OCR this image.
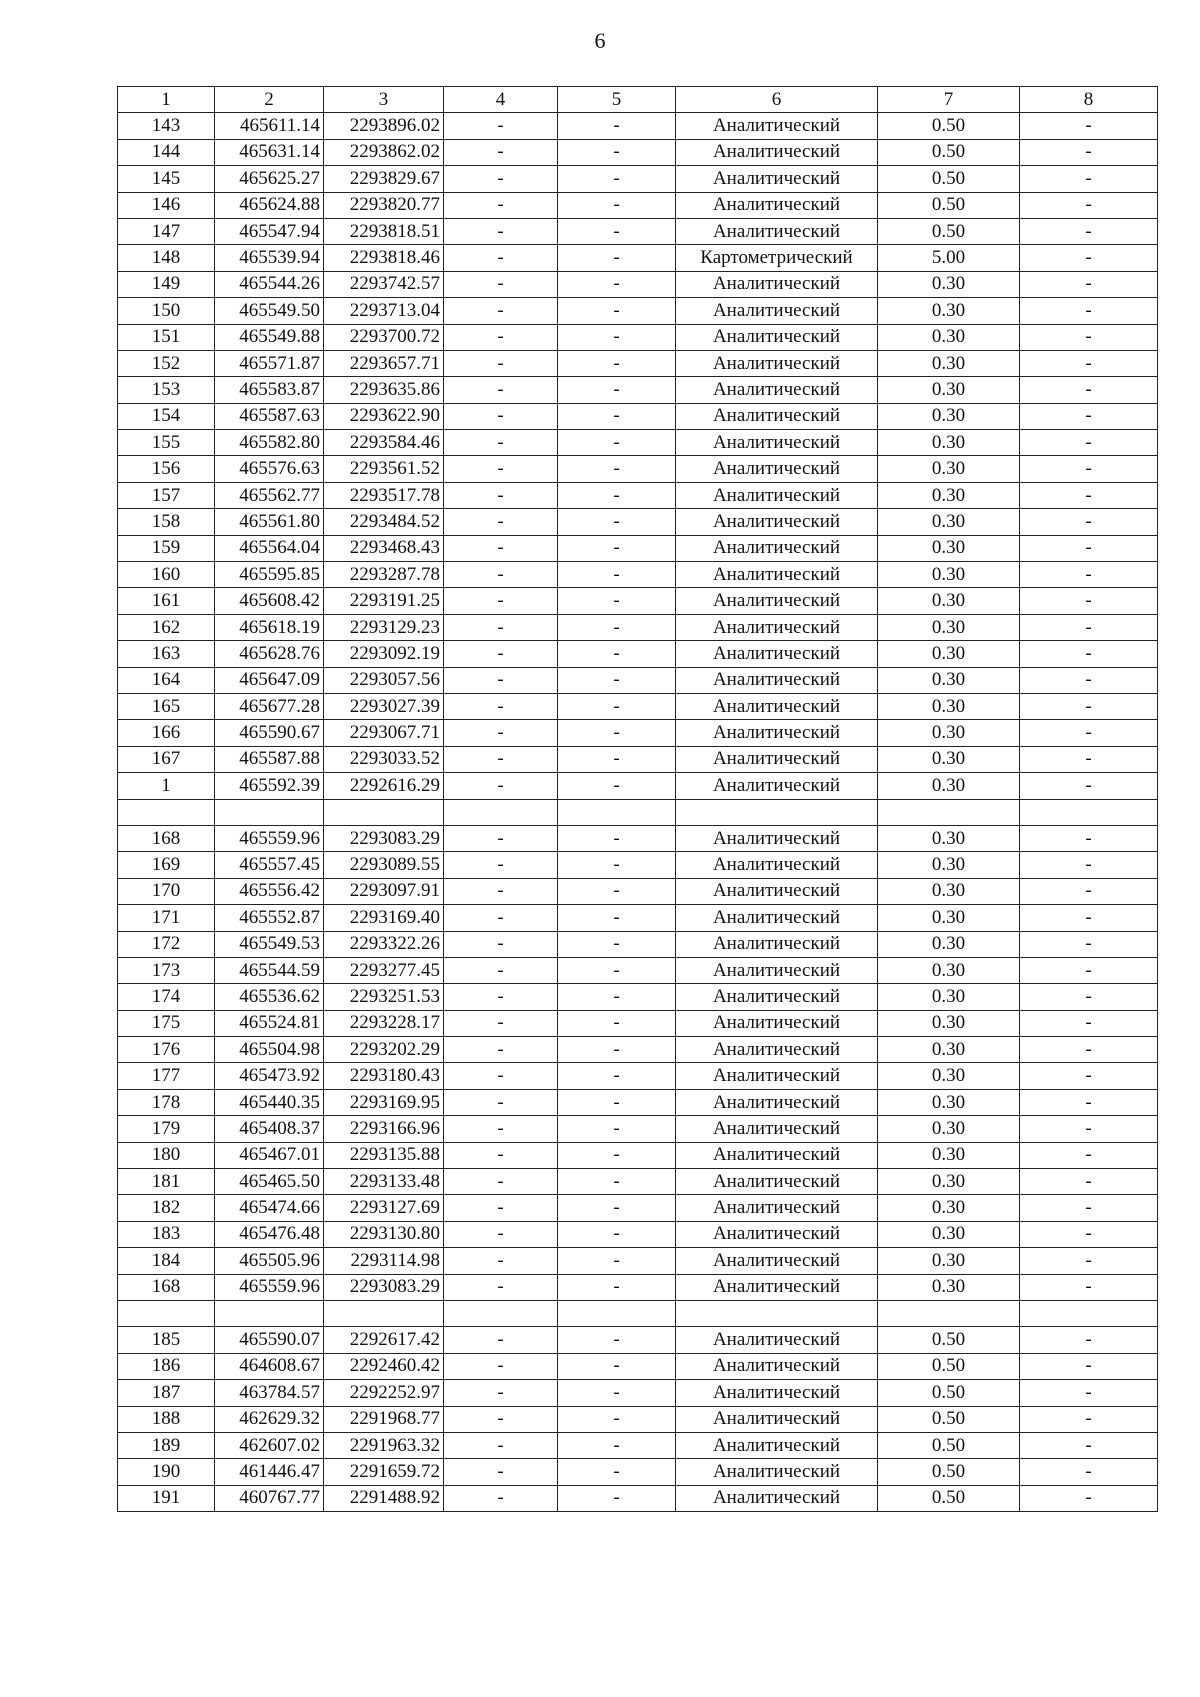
6
1	2	3	4	5	6	7	8
143	465611.14	2293896.02	-	-	Аналитический	0.50	-
144	465631.14	2293862.02	-	-	Аналитический	0.50	-
145	465625.27	2293829.67	-	-	Аналитический	0.50	-
146	465624.88	2293820.77	-	-	Аналитический	0.50	-
147	465547.94	2293818.51	-	-	Аналитический	0.50	-
148	465539.94	2293818.46	-	-	Картометрический	5.00	-
149	465544.26	2293742.57	-	-	Аналитический	0.30	-
150	465549.50	2293713.04	-	-	Аналитический	0.30	-
151	465549.88	2293700.72	-	-	Аналитический	0.30	-
152	465571.87	2293657.71	-	-	Аналитический	0.30	-
153	465583.87	2293635.86	-	-	Аналитический	0.30	-
154	465587.63	2293622.90	-	-	Аналитический	0.30	-
155	465582.80	2293584.46	-	-	Аналитический	0.30	-
156	465576.63	2293561.52	-	-	Аналитический	0.30	-
157	465562.77	2293517.78	-	-	Аналитический	0.30	-
158	465561.80	2293484.52	-	-	Аналитический	0.30	-
159	465564.04	2293468.43	-	-	Аналитический	0.30	-
160	465595.85	2293287.78	-	-	Аналитический	0.30	-
161	465608.42	2293191.25	-	-	Аналитический	0.30	-
162	465618.19	2293129.23	-	-	Аналитический	0.30	-
163	465628.76	2293092.19	-	-	Аналитический	0.30	-
164	465647.09	2293057.56	-	-	Аналитический	0.30	-
165	465677.28	2293027.39	-	-	Аналитический	0.30	-
166	465590.67	2293067.71	-	-	Аналитический	0.30	-
167	465587.88	2293033.52	-	-	Аналитический	0.30	-
1	465592.39	2292616.29	-	-	Аналитический	0.30	-

168	465559.96	2293083.29	-	-	Аналитический	0.30	-
169	465557.45	2293089.55	-	-	Аналитический	0.30	-
170	465556.42	2293097.91	-	-	Аналитический	0.30	-
171	465552.87	2293169.40	-	-	Аналитический	0.30	-
172	465549.53	2293322.26	-	-	Аналитический	0.30	-
173	465544.59	2293277.45	-	-	Аналитический	0.30	-
174	465536.62	2293251.53	-	-	Аналитический	0.30	-
175	465524.81	2293228.17	-	-	Аналитический	0.30	-
176	465504.98	2293202.29	-	-	Аналитический	0.30	-
177	465473.92	2293180.43	-	-	Аналитический	0.30	-
178	465440.35	2293169.95	-	-	Аналитический	0.30	-
179	465408.37	2293166.96	-	-	Аналитический	0.30	-
180	465467.01	2293135.88	-	-	Аналитический	0.30	-
181	465465.50	2293133.48	-	-	Аналитический	0.30	-
182	465474.66	2293127.69	-	-	Аналитический	0.30	-
183	465476.48	2293130.80	-	-	Аналитический	0.30	-
184	465505.96	2293114.98	-	-	Аналитический	0.30	-
168	465559.96	2293083.29	-	-	Аналитический	0.30	-

185	465590.07	2292617.42	-	-	Аналитический	0.50	-
186	464608.67	2292460.42	-	-	Аналитический	0.50	-
187	463784.57	2292252.97	-	-	Аналитический	0.50	-
188	462629.32	2291968.77	-	-	Аналитический	0.50	-
189	462607.02	2291963.32	-	-	Аналитический	0.50	-
190	461446.47	2291659.72	-	-	Аналитический	0.50	-
191	460767.77	2291488.92	-	-	Аналитический	0.50	-
